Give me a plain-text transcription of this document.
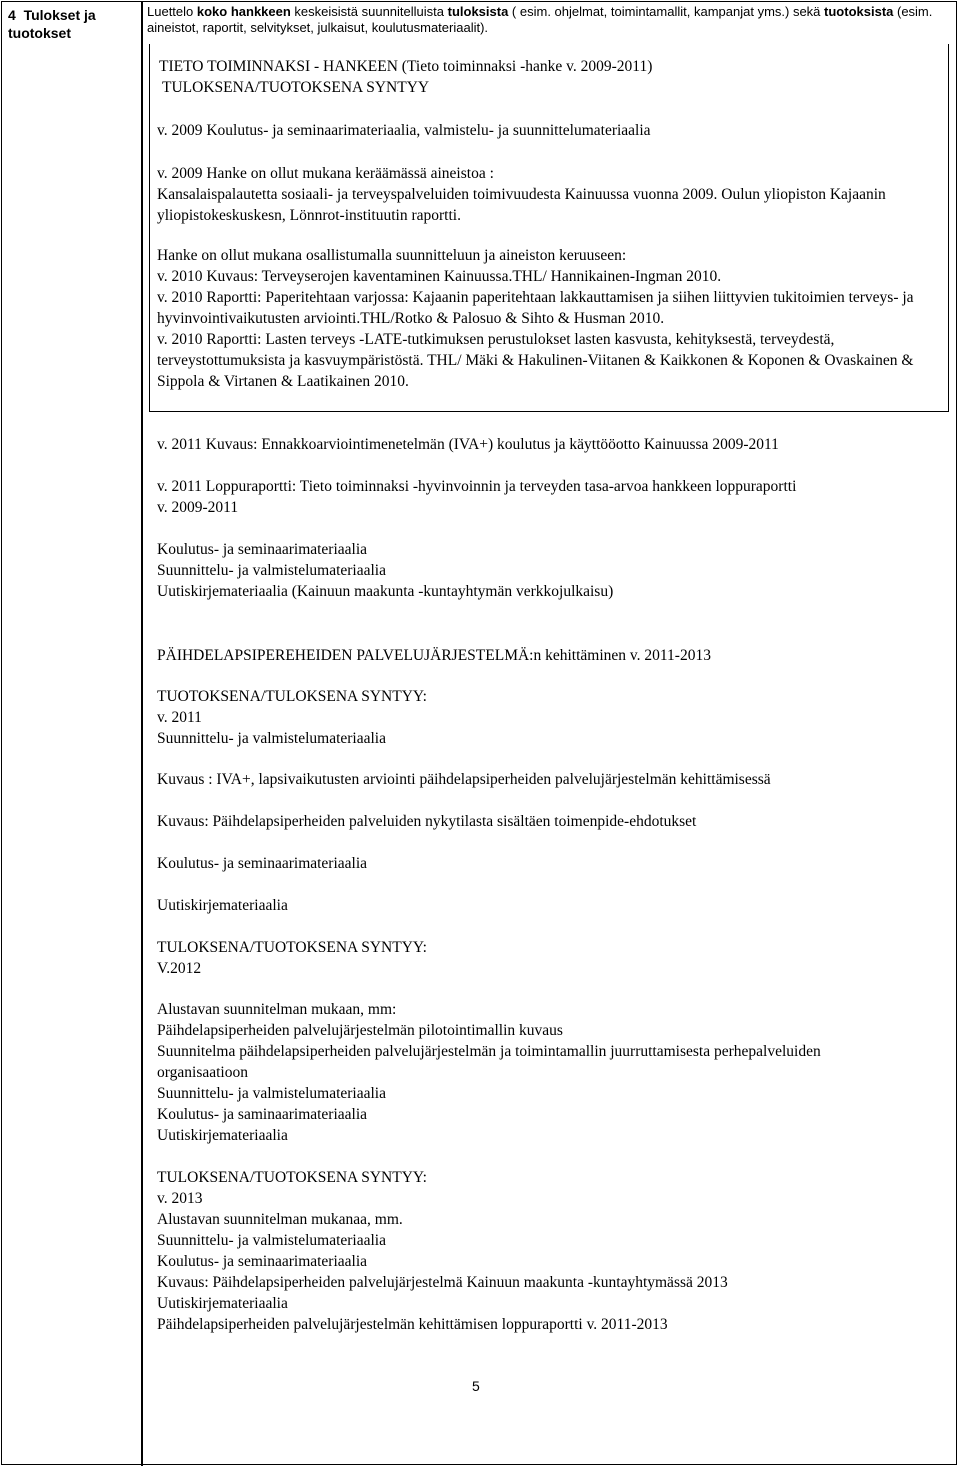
4 Tulokset ja tuotokset
Luettelo koko hankkeen keskeisistä suunnitelluista tuloksista ( esim. ohjelmat, toimintamallit, kampanjat yms.) sekä tuotoksista (esim. aineistot, raportit, selvitykset, julkaisut, koulutusmateriaalit).
TIETO TOIMINNAKSI - HANKEEN (Tieto toiminnaksi -hanke v. 2009-2011)
TULOKSENA/TUOTOKSENA SYNTYY
v. 2009 Koulutus- ja seminaarimateriaalia, valmistelu- ja suunnittelumateriaalia
v. 2009 Hanke on ollut mukana keräämässä aineistoa :
Kansalaispalautetta sosiaali- ja terveyspalveluiden toimivuudesta Kainuussa vuonna 2009. Oulun yliopiston Kajaanin yliopistokeskuskesn, Lönnrot-instituutin raportti.
Hanke on ollut mukana osallistumalla suunnitteluun ja aineiston keruuseen:
v. 2010 Kuvaus: Terveyserojen kaventaminen Kainuussa.THL/ Hannikainen-Ingman 2010.
v. 2010 Raportti: Paperitehtaan varjossa: Kajaanin paperitehtaan lakkauttamisen ja siihen liittyvien tukitoimien terveys- ja hyvinvointivaikutusten arviointi.THL/Rotko & Palosuo & Sihto & Husman 2010.
v. 2010 Raportti: Lasten terveys -LATE-tutkimuksen perustulokset lasten kasvusta, kehityksestä, terveydestä, terveystottumuksista ja kasvuympäristöstä. THL/ Mäki & Hakulinen-Viitanen & Kaikkonen & Koponen & Ovaskainen & Sippola & Virtanen & Laatikainen 2010.
v. 2011 Kuvaus: Ennakkoarviointimenetelmän (IVA+) koulutus ja käyttööotto Kainuussa 2009-2011
v. 2011 Loppuraportti: Tieto toiminnaksi -hyvinvoinnin ja terveyden tasa-arvoa hankkeen loppuraportti
v. 2009-2011
Koulutus- ja seminaarimateriaalia
Suunnittelu- ja valmistelumateriaalia
Uutiskirjemateriaalia (Kainuun maakunta -kuntayhtymän verkkojulkaisu)
PÄIHDELAPSIPEREHEIDEN PALVELUJÄRJESTELMÄ:n kehittäminen v. 2011-2013
TUOTOKSENA/TULOKSENA SYNTYY:
v. 2011
Suunnittelu- ja valmistelumateriaalia
Kuvaus : IVA+, lapsivaikutusten arviointi päihdelapsiperheiden palvelujärjestelmän kehittämisessä
Kuvaus: Päihdelapsiperheiden palveluiden nykytilasta sisältäen toimenpide-ehdotukset
Koulutus- ja seminaarimateriaalia
Uutiskirjemateriaalia
TULOKSENA/TUOTOKSENA SYNTYY:
V.2012
Alustavan suunnitelman mukaan, mm:
Päihdelapsiperheiden palvelujärjestelmän pilotointimallin kuvaus
Suunnitelma päihdelapsiperheiden palvelujärjestelmän ja toimintamallin juurruttamisesta perhepalveluiden
organisaatioon
Suunnittelu- ja valmistelumateriaalia
Koulutus- ja saminaarimateriaalia
Uutiskirjemateriaalia
TULOKSENA/TUOTOKSENA SYNTYY:
v. 2013
Alustavan suunnitelman mukanaa, mm.
Suunnittelu- ja valmistelumateriaalia
Koulutus- ja seminaarimateriaalia
Kuvaus: Päihdelapsiperheiden palvelujärjestelmä Kainuun maakunta -kuntayhtymässä 2013
Uutiskirjemateriaalia
Päihdelapsiperheiden palvelujärjestelmän kehittämisen loppuraportti v. 2011-2013
5
